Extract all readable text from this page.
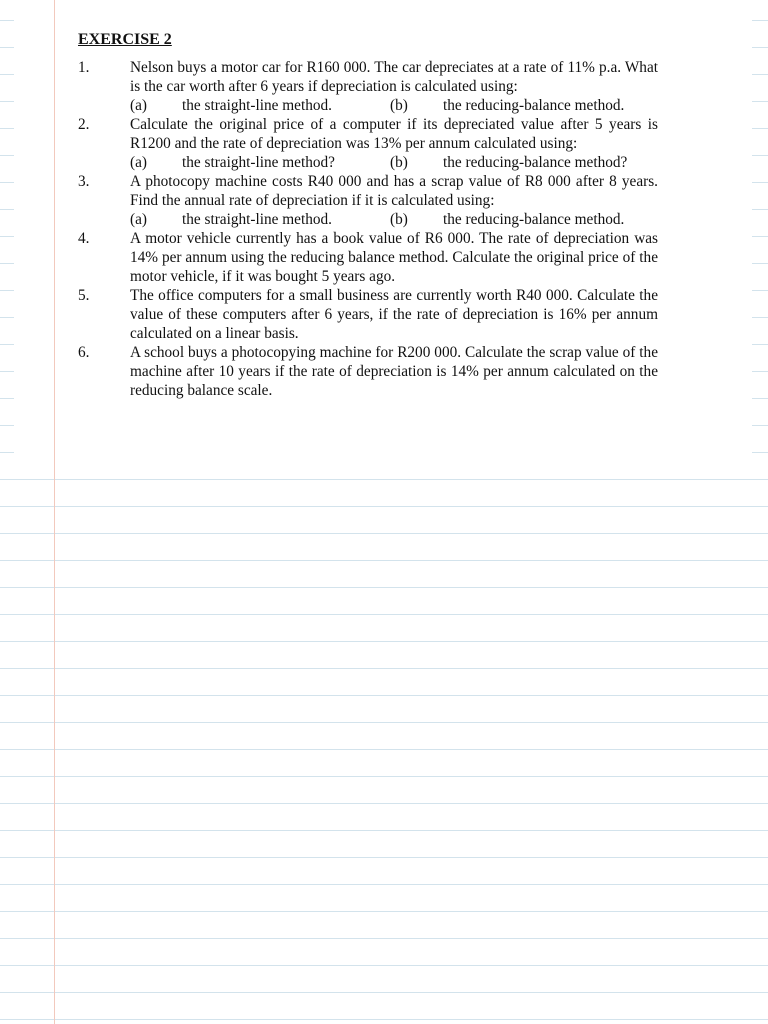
EXERCISE 2
1.	Nelson buys a motor car for R160 000. The car depreciates at a rate of 11% p.a. What is the car worth after 6 years if depreciation is calculated using:
(a) the straight-line method.	(b) the reducing-balance method.
2.	Calculate the original price of a computer if its depreciated value after 5 years is R1200 and the rate of depreciation was 13% per annum calculated using:
(a) the straight-line method?	(b) the reducing-balance method?
3.	A photocopy machine costs R40 000 and has a scrap value of R8 000 after 8 years. Find the annual rate of depreciation if it is calculated using:
(a) the straight-line method.	(b) the reducing-balance method.
4.	A motor vehicle currently has a book value of R6 000. The rate of depreciation was 14% per annum using the reducing balance method. Calculate the original price of the motor vehicle, if it was bought 5 years ago.
5.	The office computers for a small business are currently worth R40 000. Calculate the value of these computers after 6 years, if the rate of depreciation is 16% per annum calculated on a linear basis.
6.	A school buys a photocopying machine for R200 000. Calculate the scrap value of the machine after 10 years if the rate of depreciation is 14% per annum calculated on the reducing balance scale.
